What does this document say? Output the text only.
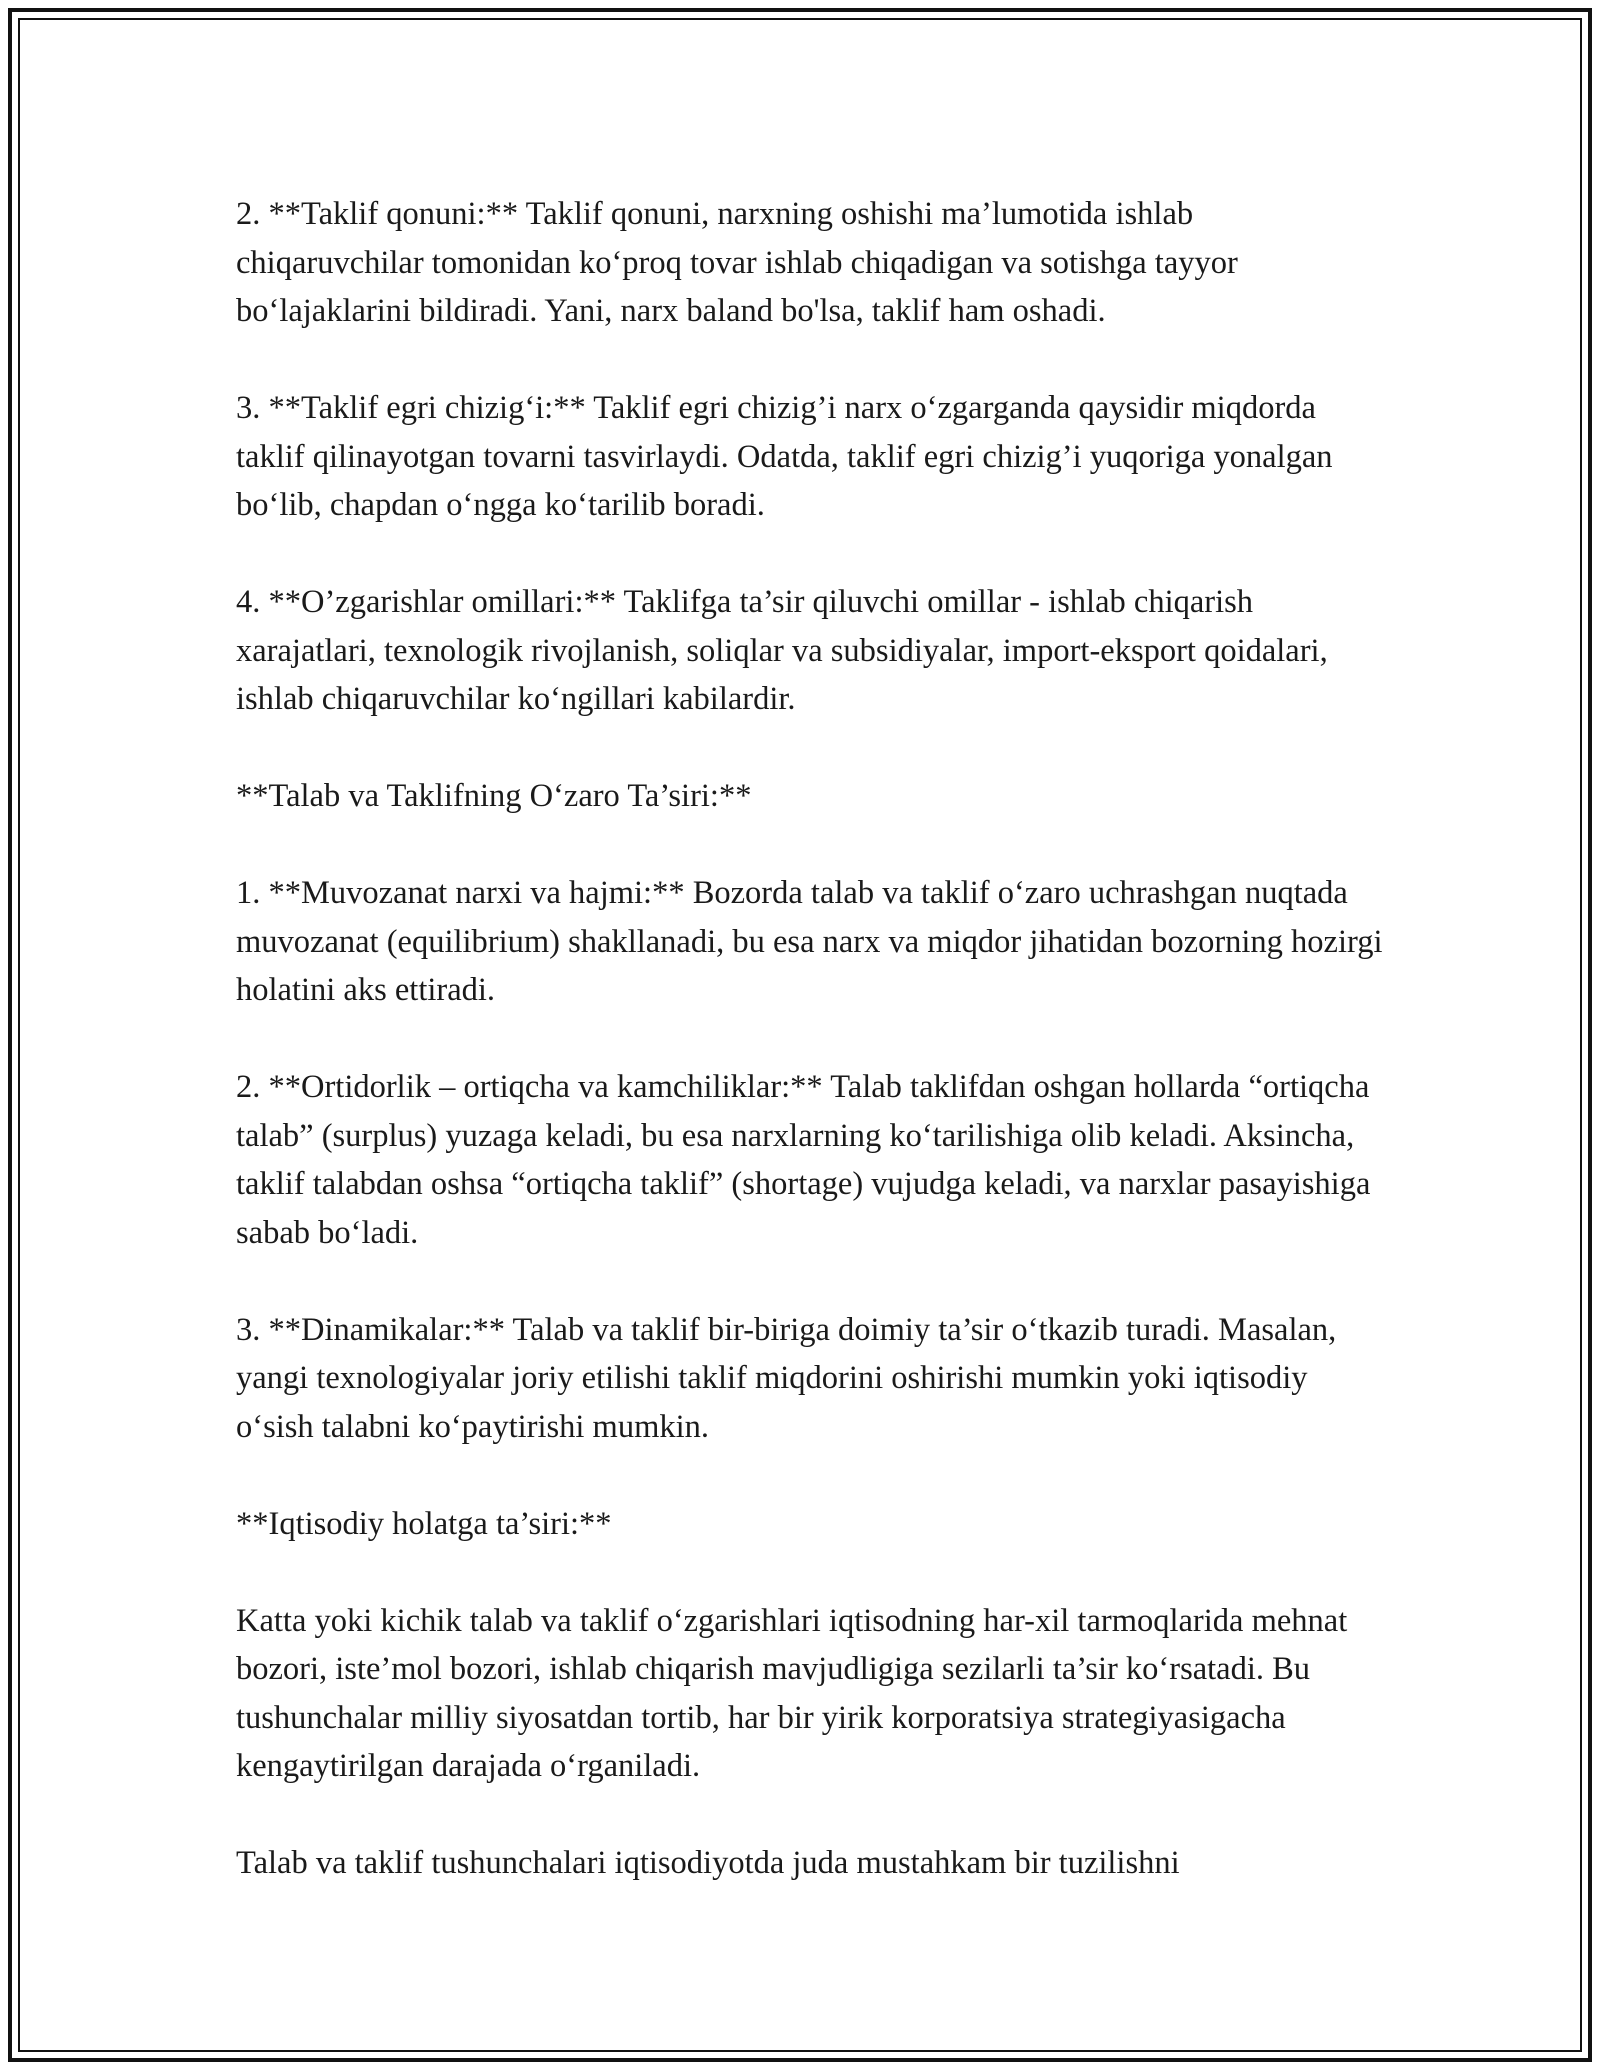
2. **Taklif qonuni:** Taklif qonuni, narxning oshishi ma’lumotida ishlab chiqaruvchilar tomonidan ko‘proq tovar ishlab chiqadigan va sotishga tayyor bo‘lajaklarini bildiradi. Yani, narx baland bo'lsa, taklif ham oshadi.

3. **Taklif egri chizig‘i:** Taklif egri chizig’i narx o‘zgarganda qaysidir miqdorda taklif qilinayotgan tovarni tasvirlaydi. Odatda, taklif egri chizig’i yuqoriga yonalgan bo‘lib, chapdan o‘ngga ko‘tarilib boradi.

4. **O’zgarishlar omillari:** Taklifga ta’sir qiluvchi omillar - ishlab chiqarish xarajatlari, texnologik rivojlanish, soliqlar va subsidiyalar, import-eksport qoidalari, ishlab chiqaruvchilar ko‘ngillari kabilardir.

**Talab va Taklifning O‘zaro Ta’siri:**

1. **Muvozanat narxi va hajmi:** Bozorda talab va taklif o‘zaro uchrashgan nuqtada muvozanat (equilibrium) shakllanadi, bu esa narx va miqdor jihatidan bozorning hozirgi holatini aks ettiradi.

2. **Ortidorlik – ortiqcha va kamchiliklar:** Talab taklifdan oshgan hollarda “ortiqcha talab” (surplus) yuzaga keladi, bu esa narxlarning ko‘tarilishiga olib keladi. Aksincha, taklif talabdan oshsa “ortiqcha taklif” (shortage) vujudga keladi, va narxlar pasayishiga sabab bo‘ladi.

3. **Dinamikalar:** Talab va taklif bir-biriga doimiy ta’sir o‘tkazib turadi. Masalan, yangi texnologiyalar joriy etilishi taklif miqdorini oshirishi mumkin yoki iqtisodiy o‘sish talabni ko‘paytirishi mumkin.

**Iqtisodiy holatga ta’siri:**

Katta yoki kichik talab va taklif o‘zgarishlari iqtisodning har-xil tarmoqlarida mehnat bozori, iste’mol bozori, ishlab chiqarish mavjudligiga sezilarli ta’sir ko‘rsatadi. Bu tushunchalar milliy siyosatdan tortib, har bir yirik korporatsiya strategiyasigacha kengaytirilgan darajada o‘rganiladi.

Talab va taklif tushunchalari iqtisodiyotda juda mustahkam bir tuzilishni
